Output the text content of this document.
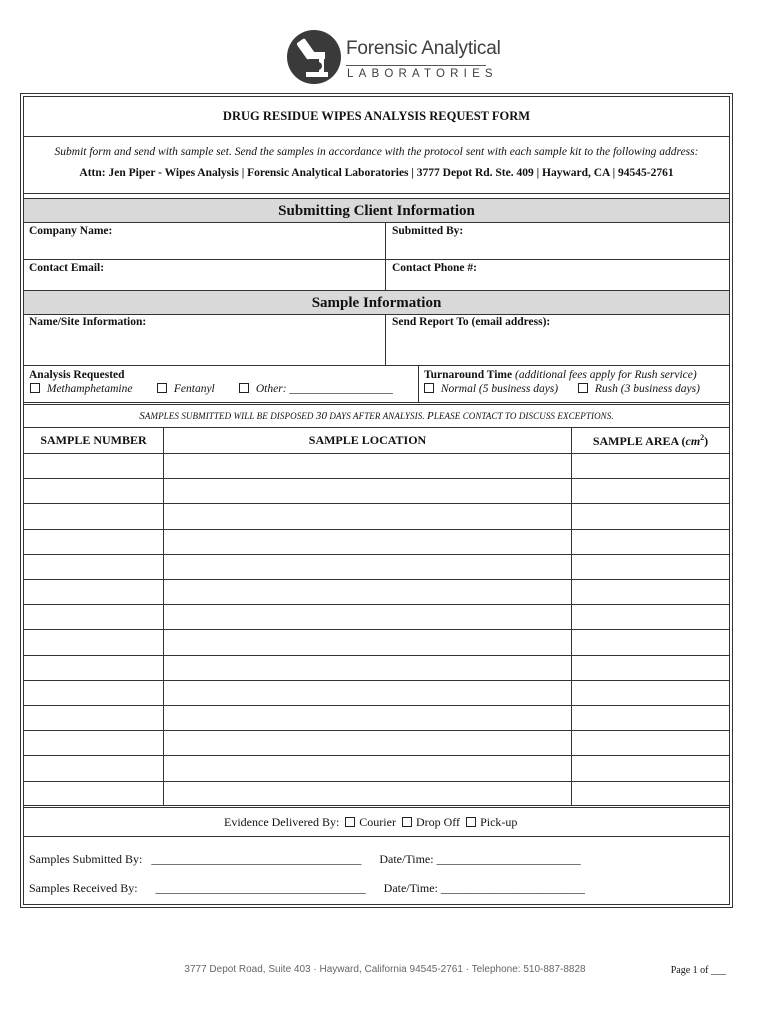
Forensic Analytical
LABORATORIES
DRUG RESIDUE WIPES ANALYSIS REQUEST FORM
Submit form and send with sample set. Send the samples in accordance with the protocol sent with each sample kit to the following address:
Attn: Jen Piper - Wipes Analysis | Forensic Analytical Laboratories | 3777 Depot Rd. Ste. 409 | Hayward, CA | 94545-2761
Submitting Client Information
Company Name:	Submitted By:
Contact Email:	Contact Phone #:
Sample Information
Name/Site Information:	Send Report To (email address):
Analysis Requested
Methamphetamine	Fentanyl	Other: __________________
Turnaround Time (additional fees apply for Rush service)
Normal (5 business days)	Rush (3 business days)
SAMPLES SUBMITTED WILL BE DISPOSED 30 DAYS AFTER ANALYSIS. PLEASE CONTACT TO DISCUSS EXCEPTIONS.
SAMPLE NUMBER	SAMPLE LOCATION	SAMPLE AREA $(cm^2)$
Evidence Delivered By: Courier Drop Off Pick-up
Samples Submitted By: ___________________________________ Date/Time: ________________________
Samples Received By: ___________________________________ Date/Time: ________________________
3777 Depot Road, Suite 403 · Hayward, California 94545-2761 · Telephone: 510-887-8828	Page 1 of ___
